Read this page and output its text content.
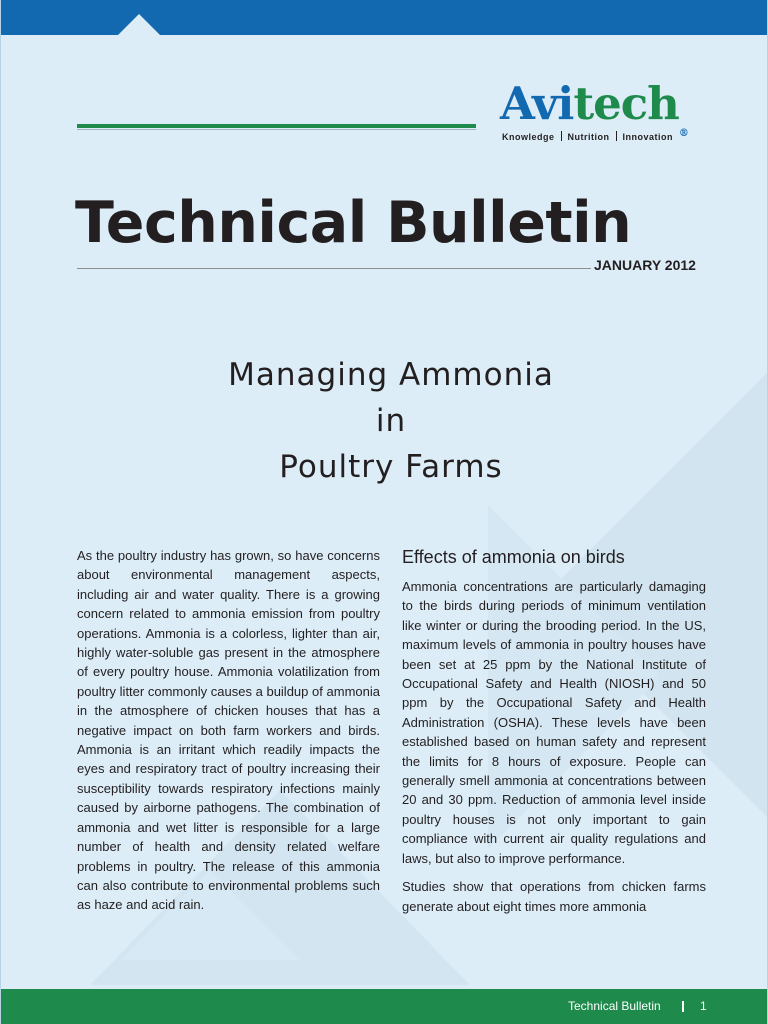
Avitech®
Knowledge Nutrition Innovation
Technical Bulletin
JANUARY 2012
Managing Ammonia
in
Poultry Farms

As the poultry industry has grown, so have concerns about environmental management aspects, including air and water quality. There is a growing concern related to ammonia emission from poultry operations. Ammonia is a colorless, lighter than air, highly water-soluble gas present in the atmosphere of every poultry house. Ammonia volatilization from poultry litter commonly causes a buildup of ammonia in the atmosphere of chicken houses that has a negative impact on both farm workers and birds. Ammonia is an irritant which readily impacts the eyes and respiratory tract of poultry increasing their susceptibility towards respiratory infections mainly caused by airborne pathogens. The combination of ammonia and wet litter is responsible for a large number of health and density related welfare problems in poultry. The release of this ammonia can also contribute to environmental problems such as haze and acid rain.

Effects of ammonia on birds

Ammonia concentrations are particularly damaging to the birds during periods of minimum ventilation like winter or during the brooding period. In the US, maximum levels of ammonia in poultry houses have been set at 25 ppm by the National Institute of Occupational Safety and Health (NIOSH) and 50 ppm by the Occupational Safety and Health Administration (OSHA). These levels have been established based on human safety and represent the limits for 8 hours of exposure. People can generally smell ammonia at concentrations between 20 and 30 ppm. Reduction of ammonia level inside poultry houses is not only important to gain compliance with current air quality regulations and laws, but also to improve performance.

Studies show that operations from chicken farms generate about eight times more ammonia

Technical Bulletin	1
